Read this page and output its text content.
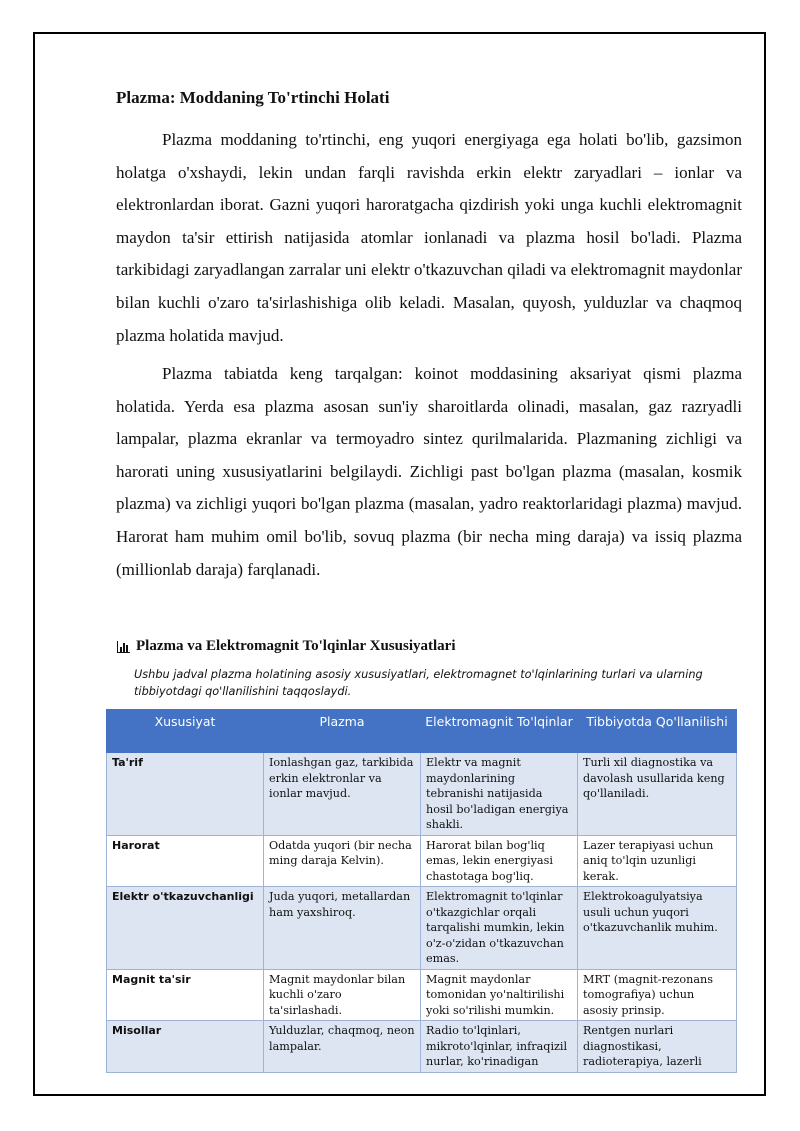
Plazma: Moddaning To'rtinchi Holati

Plazma moddaning to'rtinchi, eng yuqori energiyaga ega holati bo'lib, gazsimon holatga o'xshaydi, lekin undan farqli ravishda erkin elektr zaryadlari – ionlar va elektronlardan iborat. Gazni yuqori haroratgacha qizdirish yoki unga kuchli elektromagnit maydon ta'sir ettirish natijasida atomlar ionlanadi va plazma hosil bo'ladi. Plazma tarkibidagi zaryadlangan zarralar uni elektr o'tkazuvchan qiladi va elektromagnit maydonlar bilan kuchli o'zaro ta'sirlashishiga olib keladi. Masalan, quyosh, yulduzlar va chaqmoq plazma holatida mavjud.

Plazma tabiatda keng tarqalgan: koinot moddasining aksariyat qismi plazma holatida. Yerda esa plazma asosan sun'iy sharoitlarda olinadi, masalan, gaz razryadli lampalar, plazma ekranlar va termoyadro sintez qurilmalarida. Plazmaning zichligi va harorati uning xususiyatlarini belgilaydi. Zichligi past bo'lgan plazma (masalan, kosmik plazma) va zichligi yuqori bo'lgan plazma (masalan, yadro reaktorlaridagi plazma) mavjud. Harorat ham muhim omil bo'lib, sovuq plazma (bir necha ming daraja) va issiq plazma (millionlab daraja) farqlanadi.

Plazma va Elektromagnit To'lqinlar Xususiyatlari
Ushbu jadval plazma holatining asosiy xususiyatlari, elektromagnet to'lqinlarining turlari va ularning tibbiyotdagi qo'llanilishini taqqoslaydi.
Xususiyat	Plazma	Elektromagnit To'lqinlar	Tibbiyotda Qo'llanilishi
Ta'rif	Ionlashgan gaz, tarkibida erkin elektronlar va ionlar mavjud.	Elektr va magnit maydonlarining tebranishi natijasida hosil bo'ladigan energiya shakli.	Turli xil diagnostika va davolash usullarida keng qo'llaniladi.
Harorat	Odatda yuqori (bir necha ming daraja Kelvin).	Harorat bilan bog'liq emas, lekin energiyasi chastotaga bog'liq.	Lazer terapiyasi uchun aniq to'lqin uzunligi kerak.
Elektr o'tkazuvchanligi	Juda yuqori, metallardan ham yaxshiroq.	Elektromagnit to'lqinlar o'tkazgichlar orqali tarqalishi mumkin, lekin o'z-o'zidan o'tkazuvchan emas.	Elektrokoagulyatsiya usuli uchun yuqori o'tkazuvchanlik muhim.
Magnit ta'sir	Magnit maydonlar bilan kuchli o'zaro ta'sirlashadi.	Magnit maydonlar tomonidan yo'naltirilishi yoki so'rilishi mumkin.	MRT (magnit-rezonans tomografiya) uchun asosiy prinsip.
Misollar	Yulduzlar, chaqmoq, neon lampalar.	Radio to'lqinlari, mikroto'lqinlar, infraqizil nurlar, ko'rinadigan	Rentgen nurlari diagnostikasi, radioterapiya, lazerli
